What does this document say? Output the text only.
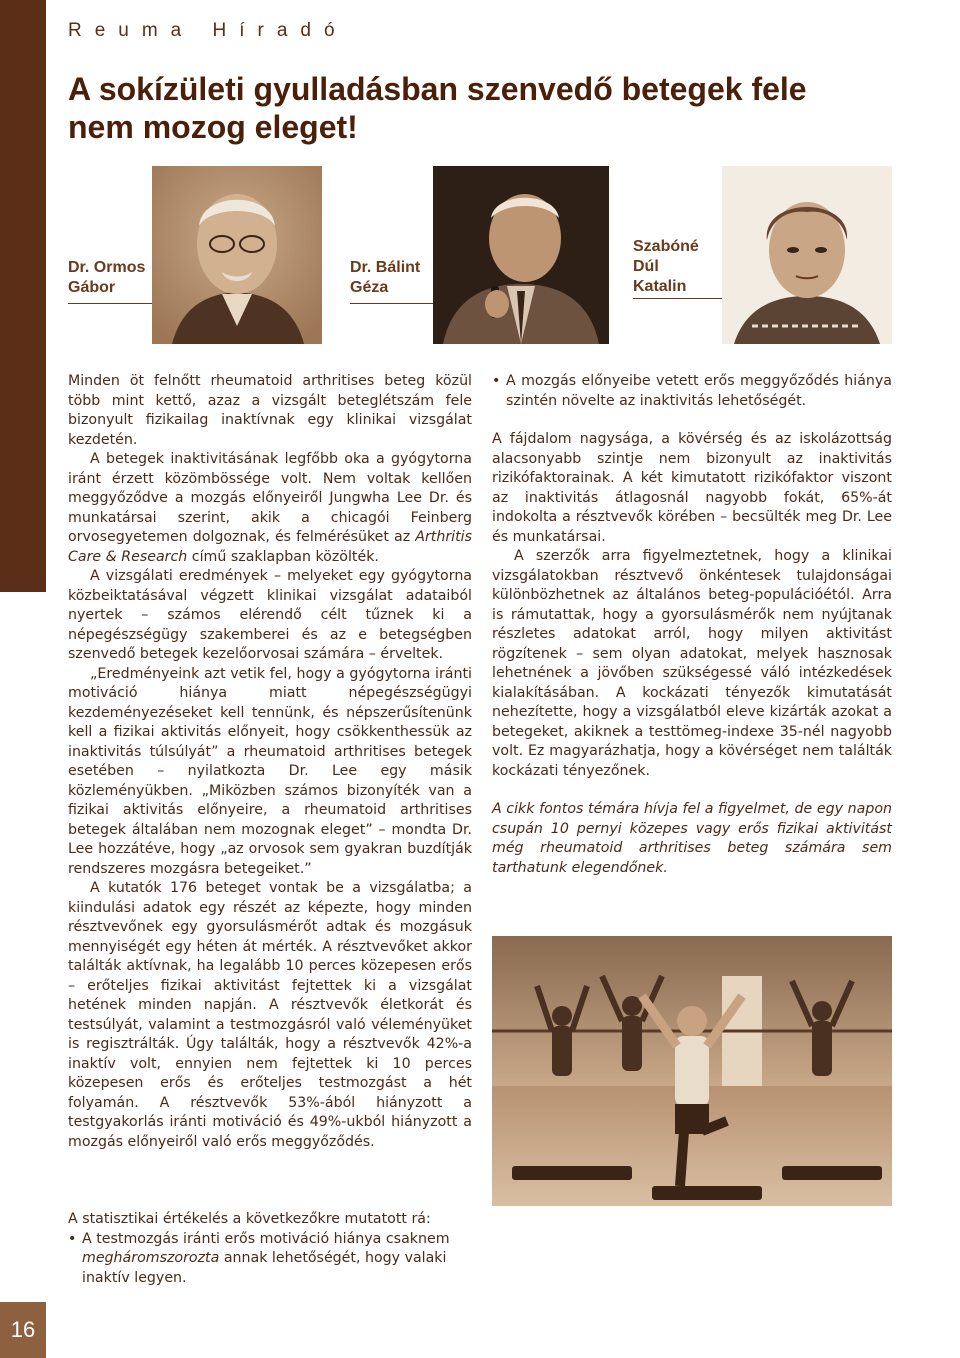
Reuma Híradó
A sokízületi gyulladásban szenvedő betegek fele
nem mozog eleget!
Dr. Ormos
Gábor
Dr. Bálint
Géza
Szabóné
Dúl
Katalin

Minden öt felnőtt rheumatoid arthritises beteg közül több mint kettő, azaz a vizsgált beteglétszám fele bizonyult fizikailag inaktívnak egy klinikai vizsgálat kezdetén.

A betegek inaktivitásának legfőbb oka a gyógytorna iránt érzett közömbössége volt. Nem voltak kellően meggyőződve a mozgás előnyeiről Jungwha Lee Dr. és munkatársai szerint, akik a chicagói Feinberg orvosegyetemen dolgoznak, és felmérésüket az Arthritis Care & Research című szaklapban közölték.

A vizsgálati eredmények – melyeket egy gyógytorna közbeiktatásával végzett klinikai vizsgálat adataiból nyertek – számos elérendő célt tűznek ki a népegészségügy szakemberei és az e betegségben szenvedő betegek kezelőorvosai számára – érveltek.

„Eredményeink azt vetik fel, hogy a gyógytorna iránti motiváció hiánya miatt népegészségügyi kezdeményezéseket kell tennünk, és népszerűsítenünk kell a fizikai aktivitás előnyeit, hogy csökkenthessük az inaktivitás túlsúlyát” a rheumatoid arthritises betegek esetében – nyilatkozta Dr. Lee egy másik közleményükben. „Miközben számos bizonyíték van a fizikai aktivitás előnyeire, a rheumatoid arthritises betegek általában nem mozognak eleget” – mondta Dr. Lee hozzátéve, hogy „az orvosok sem gyakran buzdítják rendszeres mozgásra betegeiket.”

A kutatók 176 beteget vontak be a vizsgálatba; a kiindulási adatok egy részét az képezte, hogy minden résztvevőnek egy gyorsulásmérőt adtak és mozgásuk mennyiségét egy héten át mérték. A résztvevőket akkor találták aktívnak, ha legalább 10 perces közepesen erős – erőteljes fizikai aktivitást fejtettek ki a vizsgálat hetének minden napján. A résztvevők életkorát és testsúlyát, valamint a testmozgásról való véleményüket is regisztrálták. Úgy találták, hogy a résztvevők 42%-a inaktív volt, ennyien nem fejtettek ki 10 perces közepesen erős és erőteljes testmozgást a hét folyamán. A résztvevők 53%-ából hiányzott a testgyakorlás iránti motiváció és 49%-ukból hiányzott a mozgás előnyeiről való erős meggyőződés.

A statisztikai értékelés a következőkre mutatott rá:

• A testmozgás iránti erős motiváció hiánya csaknem megháromszorozta annak lehetőségét, hogy valaki inaktív legyen.

• A mozgás előnyeibe vetett erős meggyőződés hiánya szintén növelte az inaktivitás lehetőségét.

A fájdalom nagysága, a kövérség és az iskolázottság alacsonyabb szintje nem bizonyult az inaktivitás rizikófaktorainak. A két kimutatott rizikófaktor viszont az inaktivitás átlagosnál nagyobb fokát, 65%-át indokolta a résztvevők körében – becsülték meg Dr. Lee és munkatársai.

A szerzők arra figyelmeztetnek, hogy a klinikai vizsgálatokban résztvevő önkéntesek tulajdonságai különbözhetnek az általános beteg-populációétól. Arra is rámutattak, hogy a gyorsulásmérők nem nyújtanak részletes adatokat arról, hogy milyen aktivitást rögzítenek – sem olyan adatokat, melyek hasznosak lehetnének a jövőben szükségessé váló intézkedések kialakításában. A kockázati tényezők kimutatását nehezítette, hogy a vizsgálatból eleve kizárták azokat a betegeket, akiknek a testtömeg-indexe 35-nél nagyobb volt. Ez magyarázhatja, hogy a kövérséget nem találták kockázati tényezőnek.

A cikk fontos témára hívja fel a figyelmet, de egy napon csupán 10 pernyi közepes vagy erős fizikai aktivitást még rheumatoid arthritises beteg számára sem tarthatunk elegendőnek.

16
